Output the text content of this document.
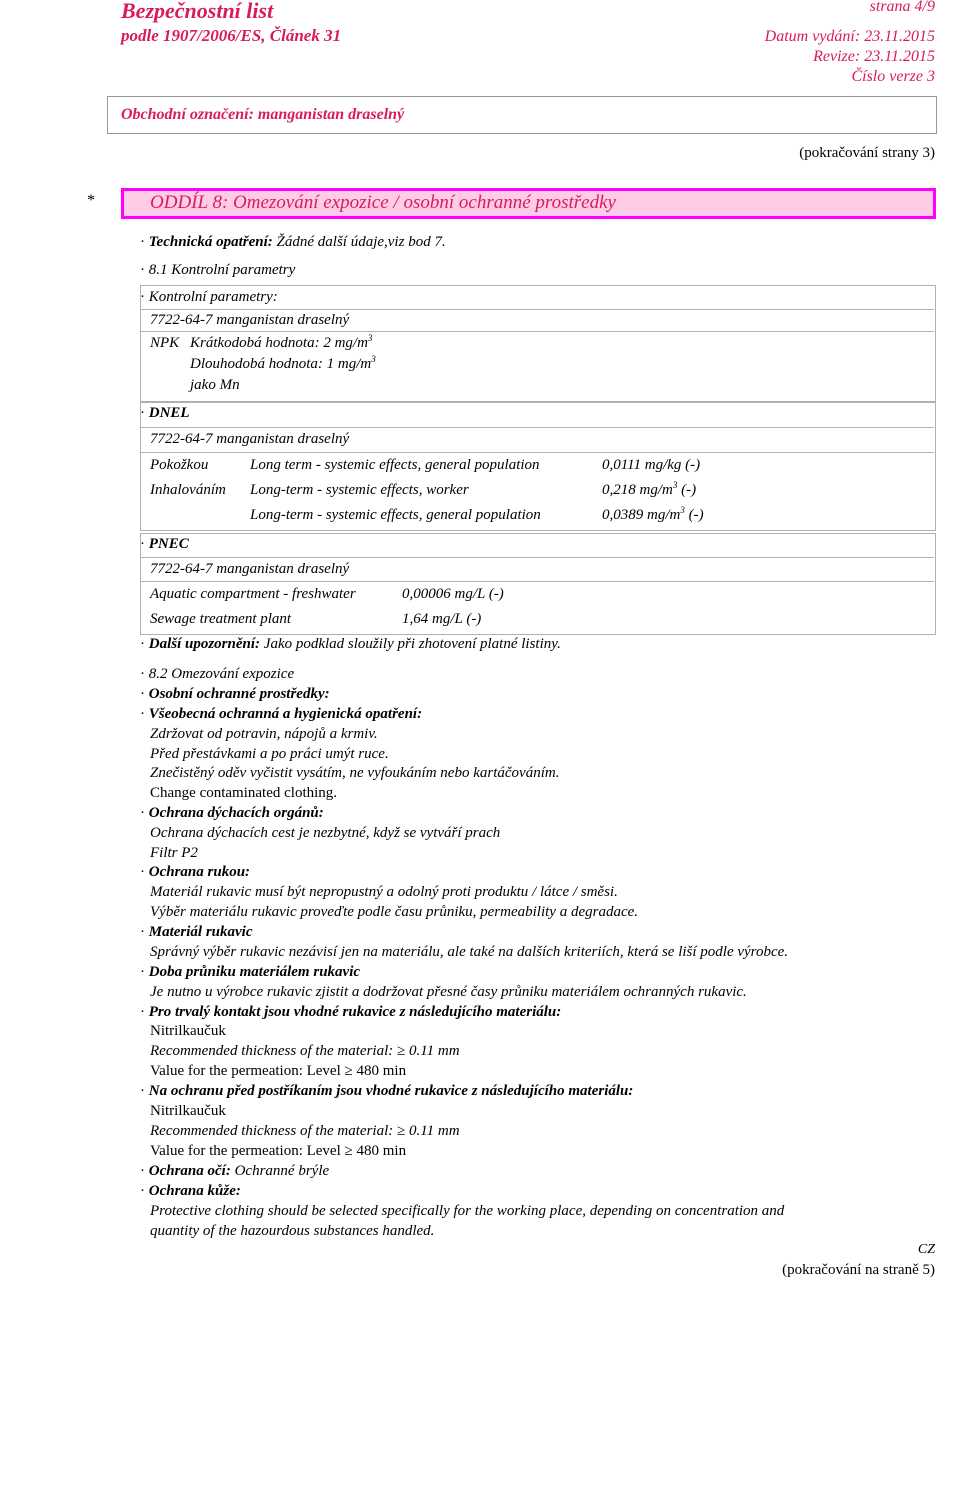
Bezpečnostní list
podle 1907/2006/ES, Článek 31
strana 4/9
Datum vydání: 23.11.2015
Revize: 23.11.2015
Číslo verze 3
Obchodní označení: manganistan draselný
(pokračování strany 3)
*	ODDÍL 8: Omezování expozice / osobní ochranné prostředky
· Technická opatření: Žádné další údaje,viz bod 7.
· 8.1 Kontrolní parametry
· Kontrolní parametry:
7722-64-7 manganistan draselný
NPK Krátkodobá hodnota: 2 $mg/m^3$
Dlouhodobá hodnota: 1 $mg/m^3$
jako Mn
· DNEL
7722-64-7 manganistan draselný
Pokožkou	Long term - systemic effects, general population	0,0111 mg/kg (-)
Inhalováním Long-term - systemic effects, worker	0,218 $mg/m^3$ (-)
Long-term - systemic effects, general population	0,0389 $mg/m^3$ (-)
· PNEC
7722-64-7 manganistan draselný
Aquatic compartment - freshwater	0,00006 mg/L (-)
Sewage treatment plant	1,64 mg/L (-)
· Další upozornění: Jako podklad sloužily při zhotovení platné listiny.
· 8.2 Omezování expozice
· Osobní ochranné prostředky:
· Všeobecná ochranná a hygienická opatření:
Zdržovat od potravin, nápojů a krmiv.
Před přestávkami a po práci umýt ruce.
Znečistěný oděv vyčistit vysátím, ne vyfoukáním nebo kartáčováním.
Change contaminated clothing.
· Ochrana dýchacích orgánů:
Ochrana dýchacích cest je nezbytné, když se vytváří prach
Filtr P2
· Ochrana rukou:
Materiál rukavic musí být nepropustný a odolný proti produktu / látce / směsi.
Výběr materiálu rukavic proveďte podle času průniku, permeability a degradace.
· Materiál rukavic
Správný výběr rukavic nezávisí jen na materiálu, ale také na dalších kriteriích, která se liší podle výrobce.
· Doba průniku materiálem rukavic
Je nutno u výrobce rukavic zjistit a dodržovat přesné časy průniku materiálem ochranných rukavic.
· Pro trvalý kontakt jsou vhodné rukavice z následujícího materiálu:
Nitrilkaučuk
Recommended thickness of the material: ≥ 0.11 mm
Value for the permeation: Level ≥ 480 min
· Na ochranu před postříkaním jsou vhodné rukavice z následujícího materiálu:
Nitrilkaučuk
Recommended thickness of the material: ≥ 0.11 mm
Value for the permeation: Level ≥ 480 min
· Ochrana očí: Ochranné brýle
· Ochrana kůže:
Protective clothing should be selected specifically for the working place, depending on concentration and
quantity of the hazourdous substances handled.
CZ
(pokračování na straně 5)
